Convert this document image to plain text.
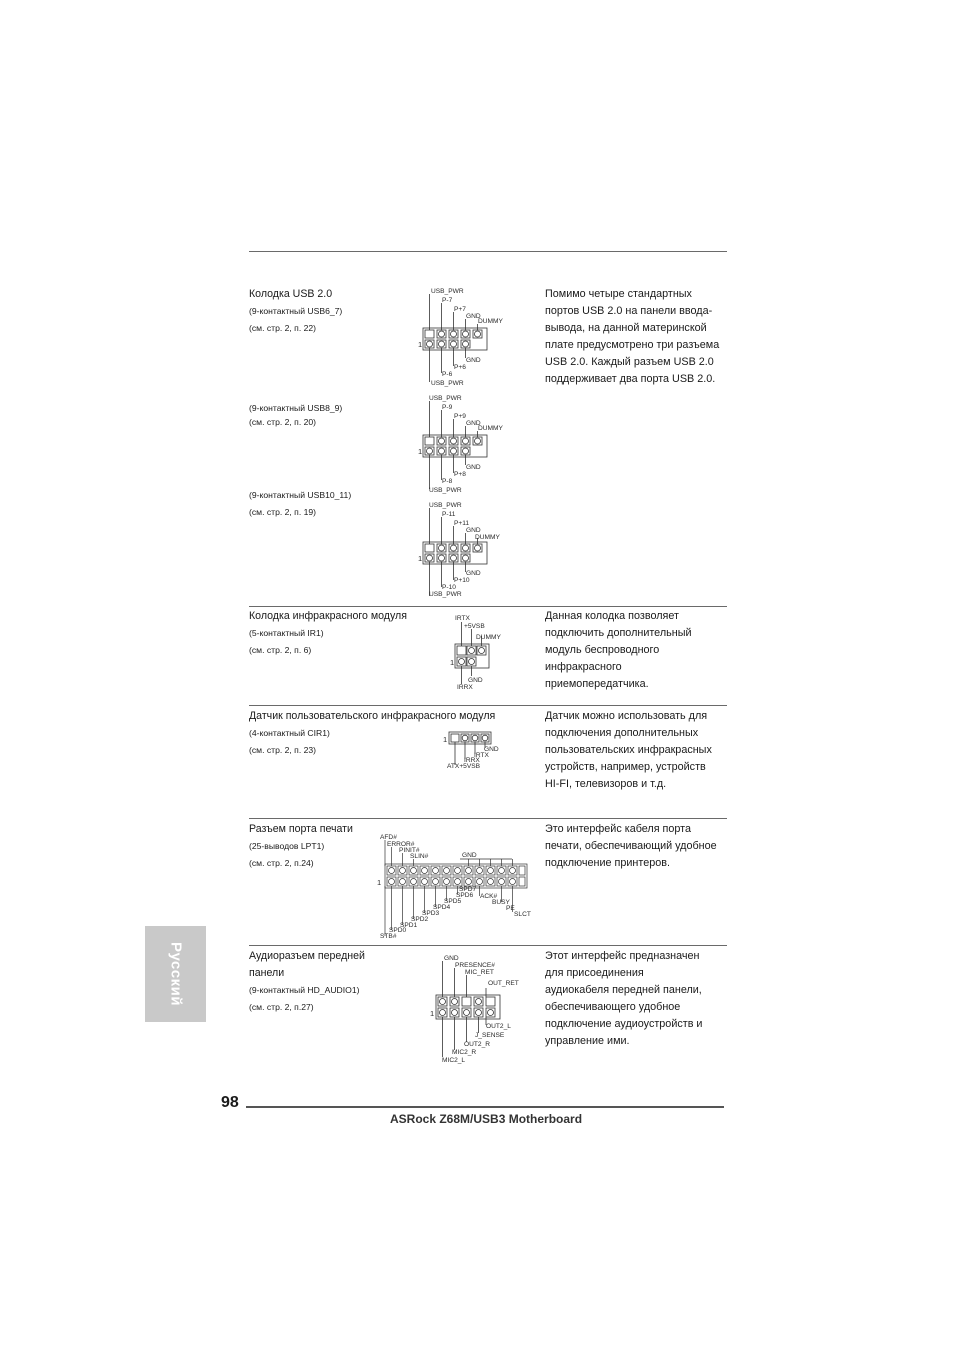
Колодка USB 2.0
(9-контактный USB6_7)
(см. стр. 2, п. 22)
Помимо четыре стандартных
портов USB 2.0 на панели ввода-
вывода, на данной материнской
плате предусмотрено три разъема
USB 2.0. Каждый разъем USB 2.0
поддерживает два порта USB 2.0.
1
USB_PWR
P-7
P+7
GND
DUMMY
GND
P+6
P-6
USB_PWR
(9-контактный USB8_9)
(см. стр. 2, п. 20)
1
USB_PWR
P-9
P+9
GND
DUMMY
GND
P+8
P-8
USB_PWR
(9-контактный USB10_11)
(см. стр. 2, п. 19)
1
USB_PWR
P-11
P+11
GND
DUMMY
GND
P+10
P-10
USB_PWR
Колодка инфракрасного модуля
(5-контактный IR1)
(см. стр. 2, п. 6)
Данная колодка позволяет
подключить дополнительный
модуль беспроводного
инфракрасного
приемопередатчика.
1
IRTX
+5VSB
DUMMY
GND
IRRX
Датчик пользовательского инфракрасного модуля
(4-контактный CIR1)
(см. стр. 2, п. 23)
Датчик можно использовать для
подключения дополнительных
пользовательских инфракрасных
устройств, например, устройств
HI-FI, телевизоров и т.д.
1
GND
IRTX
IRRX
ATX+5VSB
Разъем порта печати
(25-выводов LPT1)
(см. стр. 2, п.24)
Это интерфейс кабеля порта
печати, обеспечивающий удобное
подключение принтеров.
1
AFD#
ERROR#
PINIT#
SLIN#	GND
SPD7
SPD6 ACK#
SPD5	BUSY
SPD4	PE
SPD3	SLCT
SPD2
SPD1
SPD0
STB#
Аудиоразъем передней
панели
(9-контактный HD_AUDIO1)
(см. стр. 2, п.27)
Этот интерфейс предназначен
для присоединения
аудиокабеля передней панели,
обеспечивающего удобное
подключение аудиоустройств и
управление ими.
1
GND
PRESENCE#
MIC_RET
OUT_RET
OUT2_L
J_SENSE
OUT2_R
MIC2_R
MIC2_L
Русский
98
ASRock Z68M/USB3 Motherboard
